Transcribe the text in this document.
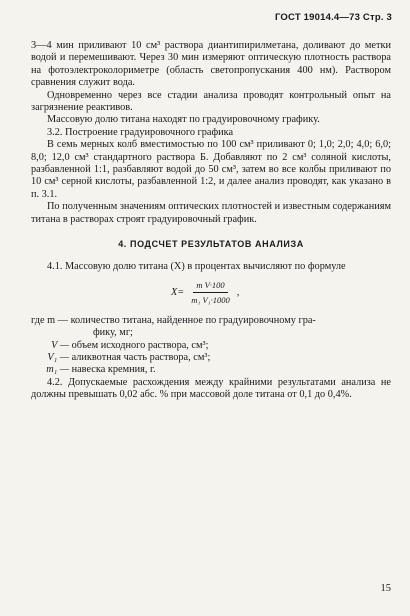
ГОСТ 19014.4—73 Стр. 3

3—4 мин приливают 10 см³ раствора диантипирилметана, доливают до метки водой и перемешивают. Через 30 мин измеряют оптическую плотность раствора на фотоэлектроколориметре (область светопропускания 400 нм). Раствором сравнения служит вода.

Одновременно через все стадии анализа проводят контрольный опыт на загрязнение реактивов.

Массовую долю титана находят по градуировочному графику.

3.2. Построение градуировочного графика

В семь мерных колб вместимостью по 100 см³ приливают 0; 1,0; 2,0; 4,0; 6,0; 8,0; 12,0 см³ стандартного раствора Б. Добавляют по 2 см³ соляной кислоты, разбавленной 1:1, разбавляют водой до 50 см³, затем во все колбы приливают по 10 см³ серной кислоты, разбавленной 1:2, и далее анализ проводят, как указано в п. 3.1.

По полученным значениям оптических плотностей и известным содержаниям титана в растворах строят градуировочный график.

4. ПОДСЧЕТ РЕЗУЛЬТАТОВ АНАЛИЗА

4.1. Массовую долю титана (X) в процентах вычисляют по формуле

$X= \frac{\text{m V·100}}{\text{m₁ V₁·1000}}$ ,
где m — количество титана, найденное по градуировочному гра-
фику, мг;
V — объем исходного раствора, см³;
V₁ — аликвотная часть раствора, см³;
m₁ — навеска кремния, г.

4.2. Допускаемые расхождения между крайними результатами анализа не должны превышать 0,02 абс. % при массовой доле титана от 0,1 до 0,4%.

15
